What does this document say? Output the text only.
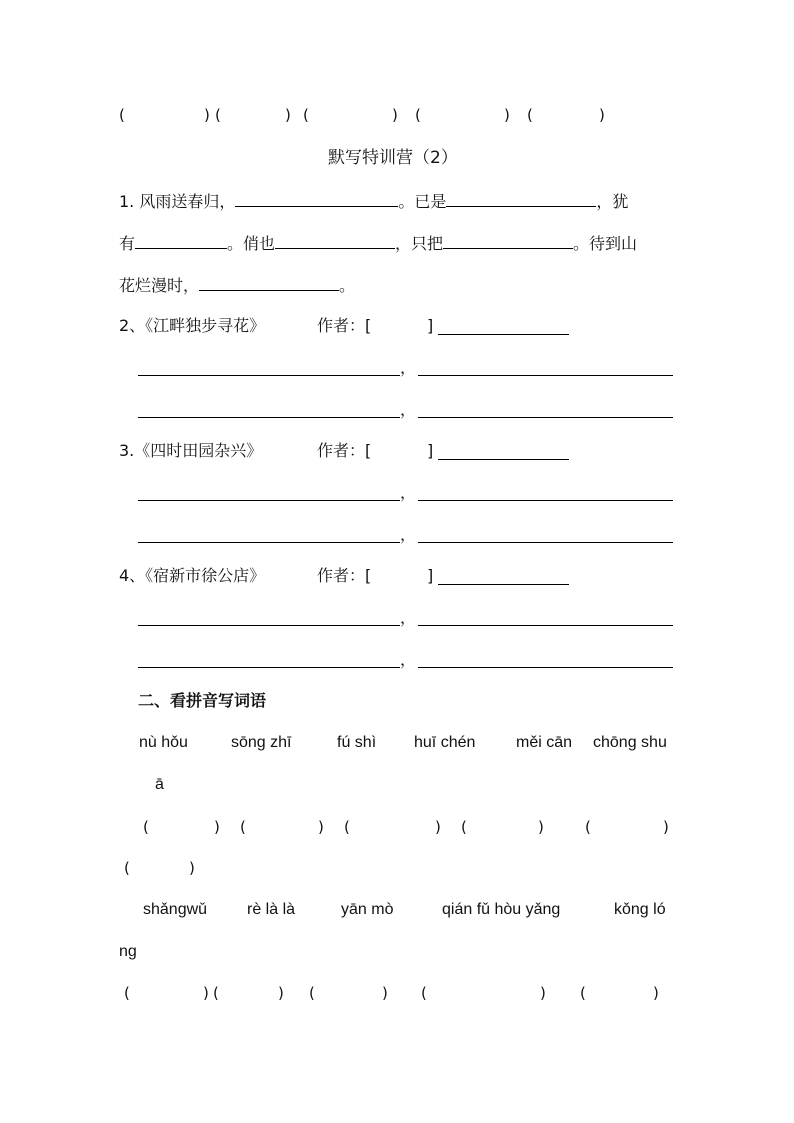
(	) (	) (	) (	) (	)
默写特训营（2）
1. 风雨送春归，	。已是	，犹
有	。俏也	，只把	。待到山
花烂漫时，	。
2、《江畔独步寻花》	作者：[	]
，
，
3.《四时田园杂兴》	作者：[	]
，
，
4、《宿新市徐公店》	作者：[	]
，
，
二、看拼音写词语
nù hǒu	sōng zhī	fú shì huī chén	měi cān chōng shu
ā
(	) (	) (	) (	)	(	)
(	)
shǎngwǔ rè là là	yān mò	qián fǔ hòu yǎng	kǒng ló
ng
(	) (	) (	) (	) (	)
